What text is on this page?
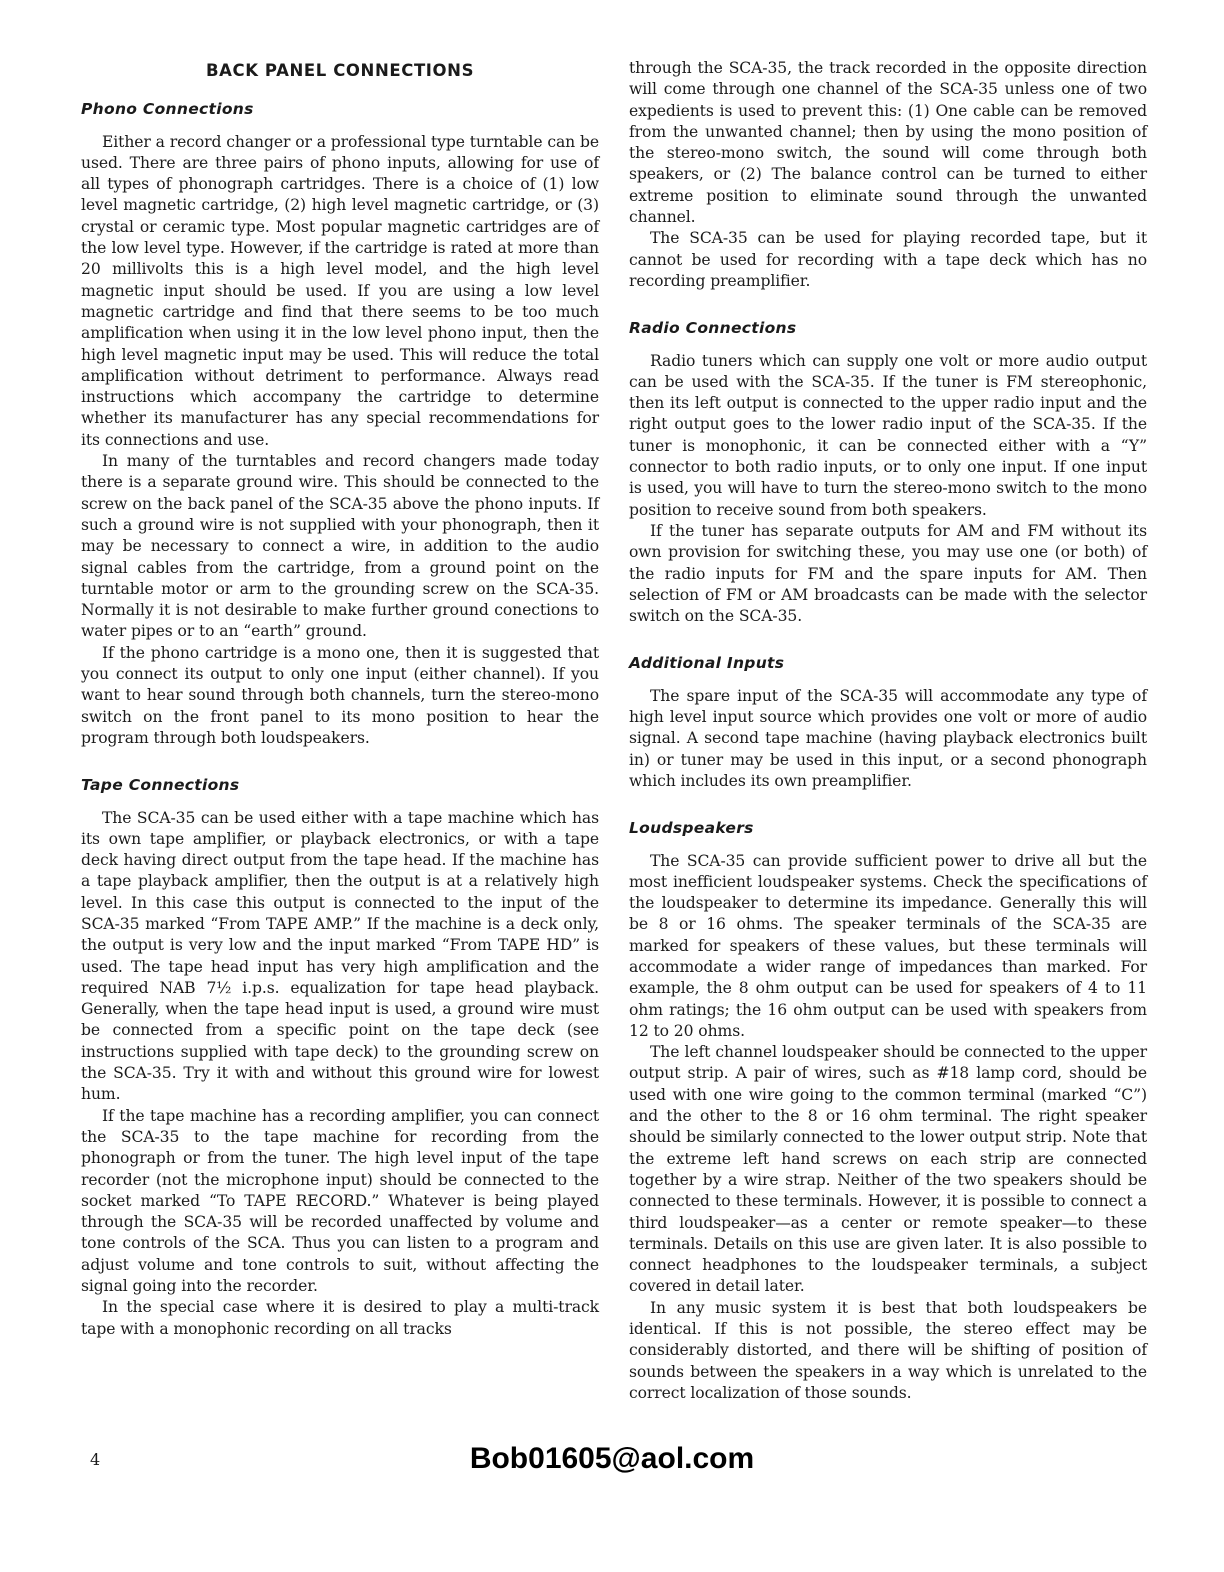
BACK PANEL CONNECTIONS
Phono Connections

Either a record changer or a professional type turntable can be used. There are three pairs of phono inputs, allowing for use of all types of phonograph cartridges. There is a choice of (1) low level magnetic cartridge, (2) high level magnetic cartridge, or (3) crystal or ceramic type. Most popular magnetic cartridges are of the low level type. However, if the cartridge is rated at more than 20 millivolts this is a high level model, and the high level magnetic input should be used. If you are using a low level magnetic cartridge and find that there seems to be too much amplification when using it in the low level phono input, then the high level magnetic input may be used. This will reduce the total amplification without detriment to performance. Always read instructions which accompany the cartridge to determine whether its manufacturer has any special recommendations for its connections and use.

In many of the turntables and record changers made today there is a separate ground wire. This should be connected to the screw on the back panel of the SCA-35 above the phono inputs. If such a ground wire is not supplied with your phonograph, then it may be necessary to connect a wire, in addition to the audio signal cables from the cartridge, from a ground point on the turntable motor or arm to the grounding screw on the SCA-35. Normally it is not desirable to make further ground conections to water pipes or to an “earth” ground.

If the phono cartridge is a mono one, then it is suggested that you connect its output to only one input (either channel). If you want to hear sound through both channels, turn the stereo-mono switch on the front panel to its mono position to hear the program through both loudspeakers.

Tape Connections

The SCA-35 can be used either with a tape machine which has its own tape amplifier, or playback electronics, or with a tape deck having direct output from the tape head. If the machine has a tape playback amplifier, then the output is at a relatively high level. In this case this output is connected to the input of the SCA-35 marked “From TAPE AMP.” If the machine is a deck only, the output is very low and the input marked “From TAPE HD” is used. The tape head input has very high amplification and the required NAB 7½ i.p.s. equalization for tape head playback. Generally, when the tape head input is used, a ground wire must be connected from a specific point on the tape deck (see instructions supplied with tape deck) to the grounding screw on the SCA-35. Try it with and without this ground wire for lowest hum.

If the tape machine has a recording amplifier, you can connect the SCA-35 to the tape machine for recording from the phonograph or from the tuner. The high level input of the tape recorder (not the microphone input) should be connected to the socket marked “To TAPE RECORD.” Whatever is being played through the SCA-35 will be recorded unaffected by volume and tone controls of the SCA. Thus you can listen to a program and adjust volume and tone controls to suit, without affecting the signal going into the recorder.

In the special case where it is desired to play a multi-track tape with a monophonic recording on all tracks

through the SCA-35, the track recorded in the opposite direction will come through one channel of the SCA-35 unless one of two expedients is used to prevent this: (1) One cable can be removed from the unwanted channel; then by using the mono position of the stereo-mono switch, the sound will come through both speakers, or (2) The balance control can be turned to either extreme position to eliminate sound through the unwanted channel.

The SCA-35 can be used for playing recorded tape, but it cannot be used for recording with a tape deck which has no recording preamplifier.

Radio Connections

Radio tuners which can supply one volt or more audio output can be used with the SCA-35. If the tuner is FM stereophonic, then its left output is connected to the upper radio input and the right output goes to the lower radio input of the SCA-35. If the tuner is monophonic, it can be connected either with a “Y” connector to both radio inputs, or to only one input. If one input is used, you will have to turn the stereo-mono switch to the mono position to receive sound from both speakers.

If the tuner has separate outputs for AM and FM without its own provision for switching these, you may use one (or both) of the radio inputs for FM and the spare inputs for AM. Then selection of FM or AM broadcasts can be made with the selector switch on the SCA-35.

Additional Inputs

The spare input of the SCA-35 will accommodate any type of high level input source which provides one volt or more of audio signal. A second tape machine (having playback electronics built in) or tuner may be used in this input, or a second phonograph which includes its own preamplifier.

Loudspeakers

The SCA-35 can provide sufficient power to drive all but the most inefficient loudspeaker systems. Check the specifications of the loudspeaker to determine its impedance. Generally this will be 8 or 16 ohms. The speaker terminals of the SCA-35 are marked for speakers of these values, but these terminals will accommodate a wider range of impedances than marked. For example, the 8 ohm output can be used for speakers of 4 to 11 ohm ratings; the 16 ohm output can be used with speakers from 12 to 20 ohms.

The left channel loudspeaker should be connected to the upper output strip. A pair of wires, such as #18 lamp cord, should be used with one wire going to the common terminal (marked “C”) and the other to the 8 or 16 ohm terminal. The right speaker should be similarly connected to the lower output strip. Note that the extreme left hand screws on each strip are connected together by a wire strap. Neither of the two speakers should be connected to these terminals. However, it is possible to connect a third loudspeaker—as a center or remote speaker—to these terminals. Details on this use are given later. It is also possible to connect headphones to the loudspeaker terminals, a subject covered in detail later.

In any music system it is best that both loudspeakers be identical. If this is not possible, the stereo effect may be considerably distorted, and there will be shifting of position of sounds between the speakers in a way which is unrelated to the correct localization of those sounds.

4	Bob01605@aol.com
